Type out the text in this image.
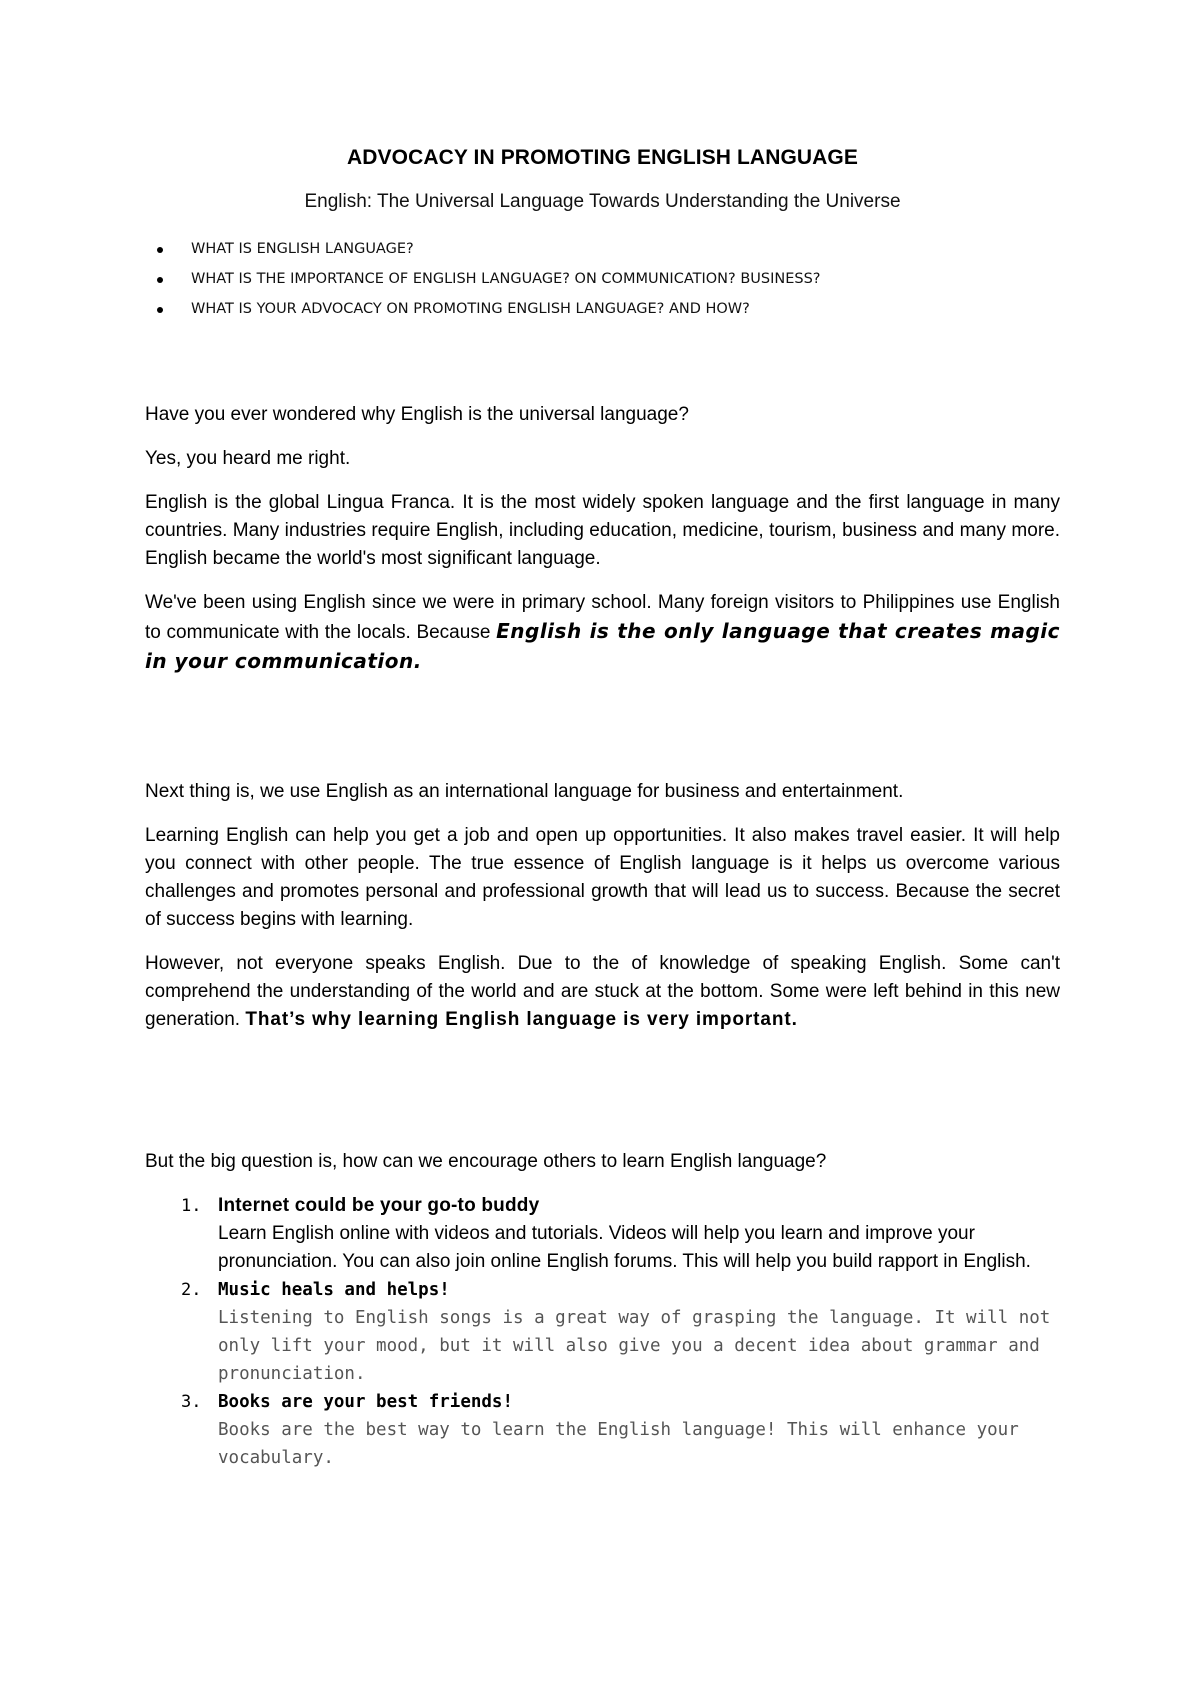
ADVOCACY IN PROMOTING ENGLISH LANGUAGE

English: The Universal Language Towards Understanding the Universe

WHAT IS ENGLISH LANGUAGE?
WHAT IS THE IMPORTANCE OF ENGLISH LANGUAGE? ON COMMUNICATION? BUSINESS?
WHAT IS YOUR ADVOCACY ON PROMOTING ENGLISH LANGUAGE? AND HOW?

Have you ever wondered why English is the universal language?

Yes, you heard me right.

English is the global Lingua Franca. It is the most widely spoken language and the first language in many countries. Many industries require English, including education, medicine, tourism, business and many more. English became the world's most significant language.

We've been using English since we were in primary school. Many foreign visitors to Philippines use English to communicate with the locals. Because English is the only language that creates magic in your communication.

Next thing is, we use English as an international language for business and entertainment.

Learning English can help you get a job and open up opportunities. It also makes travel easier. It will help you connect with other people. The true essence of English language is it helps us overcome various challenges and promotes personal and professional growth that will lead us to success. Because the secret of success begins with learning.

However, not everyone speaks English. Due to the of knowledge of speaking English. Some can't comprehend the understanding of the world and are stuck at the bottom. Some were left behind in this new generation. That’s why learning English language is very important.

But the big question is, how can we encourage others to learn English language?

1. Internet could be your go-to buddy
Learn English online with videos and tutorials. Videos will help you learn and improve your pronunciation. You can also join online English forums. This will help you build rapport in English.
2. Music heals and helps!
Listening to English songs is a great way of grasping the language. It will not only lift your mood, but it will also give you a decent idea about grammar and pronunciation.
3. Books are your best friends!
Books are the best way to learn the English language! This will enhance your vocabulary.
